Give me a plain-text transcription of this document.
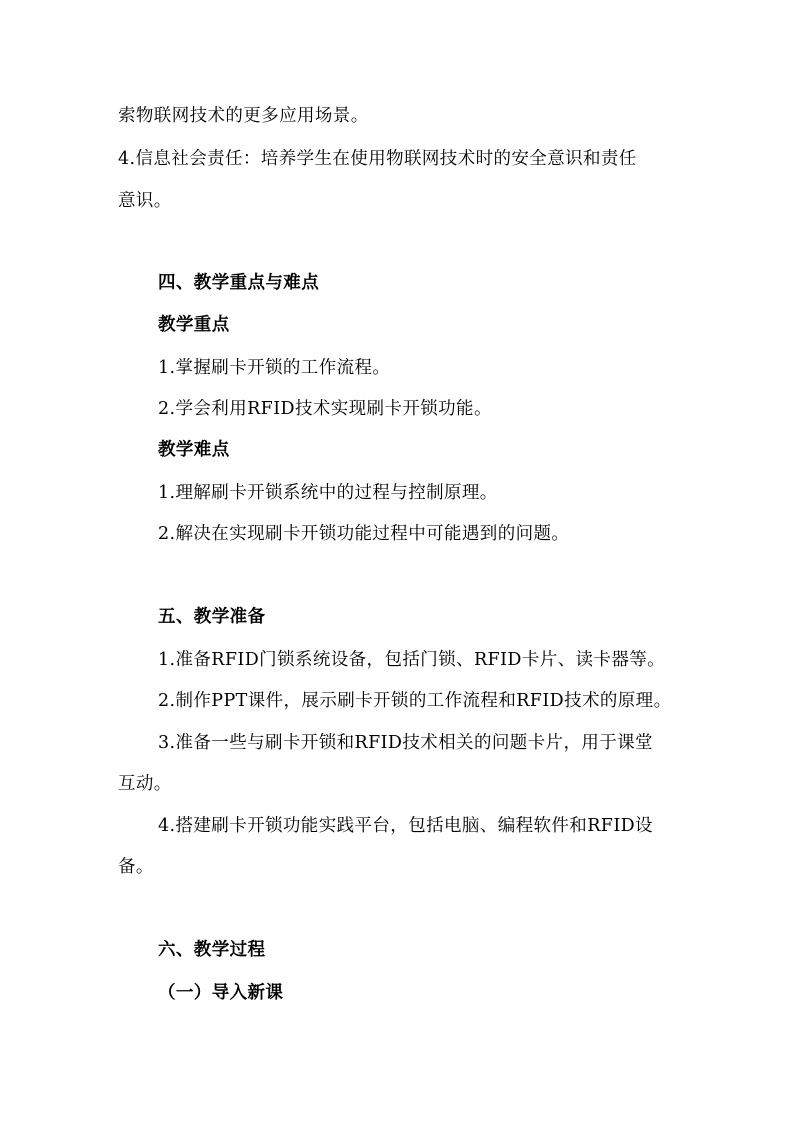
索物联网技术的更多应用场景。
4.信息社会责任：培养学生在使用物联网技术时的安全意识和责任
意识。
四、教学重点与难点
教学重点
1.掌握刷卡开锁的工作流程。
2.学会利用RFID技术实现刷卡开锁功能。
教学难点
1.理解刷卡开锁系统中的过程与控制原理。
2.解决在实现刷卡开锁功能过程中可能遇到的问题。
五、教学准备
1.准备RFID门锁系统设备，包括门锁、RFID卡片、读卡器等。
2.制作PPT课件，展示刷卡开锁的工作流程和RFID技术的原理。
3.准备一些与刷卡开锁和RFID技术相关的问题卡片，用于课堂
互动。
4.搭建刷卡开锁功能实践平台，包括电脑、编程软件和RFID设
备。
六、教学过程
（一）导入新课
